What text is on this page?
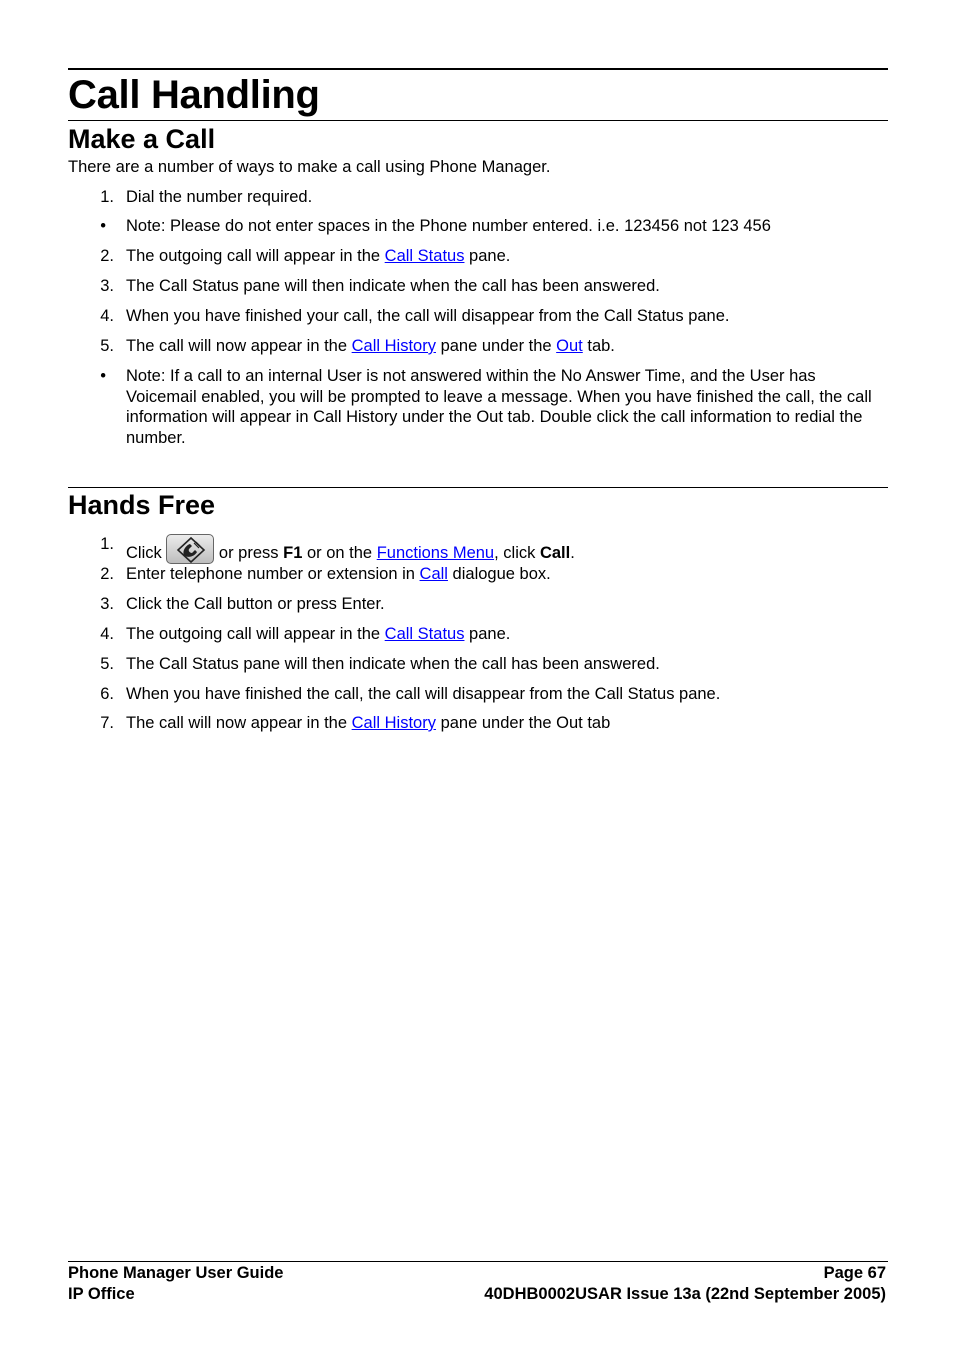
Call Handling
Make a Call
There are a number of ways to make a call using Phone Manager.
1. Dial the number required.
• Note: Please do not enter spaces in the Phone number entered. i.e. 123456 not 123 456
2. The outgoing call will appear in the Call Status pane.
3. The Call Status pane will then indicate when the call has been answered.
4. When you have finished your call, the call will disappear from the Call Status pane.
5. The call will now appear in the Call History pane under the Out tab.
• Note: If a call to an internal User is not answered within the No Answer Time, and the User has Voicemail enabled, you will be prompted to leave a message. When you have finished the call, the call information will appear in Call History under the Out tab. Double click the call information to redial the number.
Hands Free
1. Click	or press F1 or on the Functions Menu, click Call.
2. Enter telephone number or extension in Call dialogue box.
3. Click the Call button or press Enter.
4. The outgoing call will appear in the Call Status pane.
5. The Call Status pane will then indicate when the call has been answered.
6. When you have finished the call, the call will disappear from the Call Status pane.
7. The call will now appear in the Call History pane under the Out tab
Phone Manager User Guide	Page 67
IP Office	40DHB0002USAR Issue 13a (22nd September 2005)
